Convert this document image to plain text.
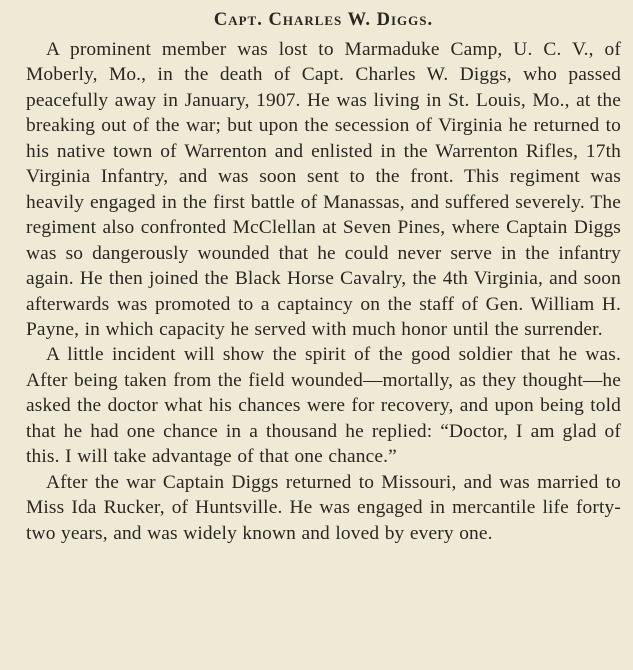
Capt. Charles W. Diggs.

A prominent member was lost to Marmaduke Camp, U. C. V., of Moberly, Mo., in the death of Capt. Charles W. Diggs, who passed peacefully away in January, 1907. He was living in St. Louis, Mo., at the breaking out of the war; but upon the secession of Virginia he returned to his native town of Warrenton and enlisted in the Warrenton Rifles, 17th Virginia Infantry, and was soon sent to the front. This regiment was heavily engaged in the first battle of Manassas, and suffered severely. The regiment also confronted McClellan at Seven Pines, where Captain Diggs was so dangerously wounded that he could never serve in the infantry again. He then joined the Black Horse Cavalry, the 4th Virginia, and soon afterwards was promoted to a captaincy on the staff of Gen. William H. Payne, in which capacity he served with much honor until the surrender.

A little incident will show the spirit of the good soldier that he was. After being taken from the field wounded—mortally, as they thought—he asked the doctor what his chances were for recovery, and upon being told that he had one chance in a thousand he replied: “Doctor, I am glad of this. I will take advantage of that one chance.”

After the war Captain Diggs returned to Missouri, and was married to Miss Ida Rucker, of Huntsville. He was engaged in mercantile life forty-two years, and was widely known and loved by every one.
